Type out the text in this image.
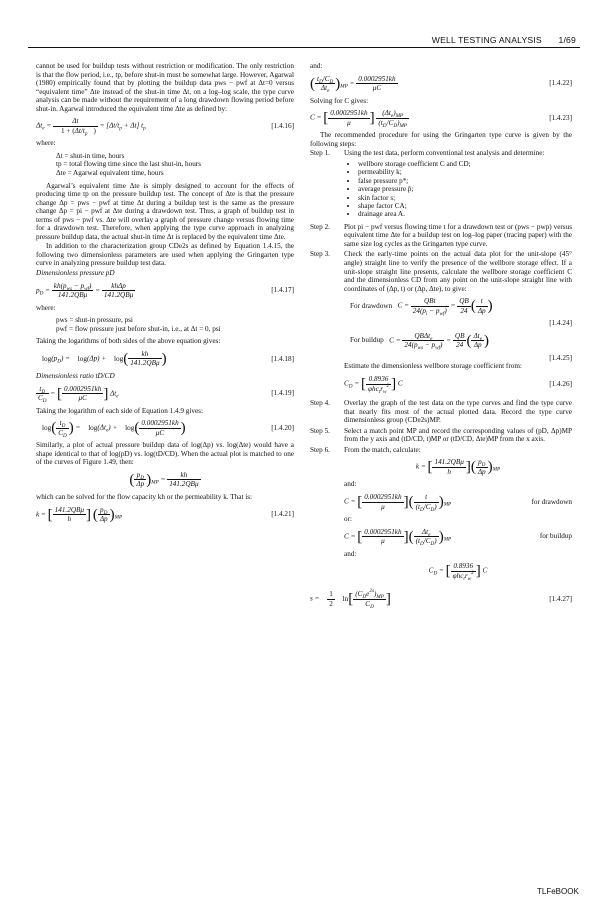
WELL TESTING ANALYSIS 1/69

cannot be used for buildup tests without restriction or modification. The only restriction is that the flow period, i.e., tp, before shut-in must be somewhat large. However, Agarwal (1980) empirically found that by plotting the buildup data pws − pwf at Δt=0 versus “equivalent time” Δte instead of the shut-in time Δt, on a log–log scale, the type curve analysis can be made without the requirement of a long drawdown flowing period before shut-in. Agarwal introduced the equivalent time Δte as defined by:

$\Delta t_e = \frac{\Delta t}{1 + (\Delta t/t_p )} = [\Delta t/t_p + \Delta t]$ $t_p$	[1.4.16]

where:

Δt = shut-in time, hours
tp = total flowing time since the last shut-in, hours
Δte = Agarwal equivalent time, hours

Agarwal’s equivalent time Δte is simply designed to account for the effects of producing time tp on the pressure buildup test. The concept of Δte is that the pressure change Δp = pws − pwf at time Δt during a buildup test is the same as the pressure change Δp = pi − pwf at Δte during a drawdown test. Thus, a graph of buildup test in terms of pws − pwf vs. Δte will overlay a graph of pressure change versus flowing time for a drawdown test. Therefore, when applying the type curve approach in analyzing pressure buildup data, the actual shut-in time Δt is replaced by the equivalent time Δte.

In addition to the characterization group CDe2s as defined by Equation 1.4.15, the following two dimensionless parameters are used when applying the Gringarten type curve in analyzing pressure buildup test data.

Dimensionless pressure pD

$p_D$ =
$kh(p_{ws} - p_{wf})$
141.2QBμ
=
khΔp
141.2QBμ
[1.4.17]

where:

pws = shut-in pressure, psi
pwf = flow pressure just before shut-in, i.e., at Δt = 0, psi

Taking the logarithms of both sides of the above equation gives:

$\log(p_D) = \log(\Delta p) + \log$(	kh
141.2QBμ )	[1.4.18]

Dimensionless ratio tD/CD

$\frac{t_D}{C_D}$ = [ $\frac{0.0002951kh}{\mu C}$ ] $\Delta t_e$	[1.4.19]

Taking the logarithm of each side of Equation 1.4.9 gives:

$\log( \frac{t_D}{C_D}$ ) = $\log(\Delta t_e) + \log( \frac{0.0002951kh}{\mu C}$ )	[1.4.20]

Similarly, a plot of actual pressure buildup data of log(Δp) vs. log(Δte) would have a shape identical to that of log(pD) vs. log(tD/CD). When the actual plot is matched to one of the curves of Figure 1.49, then:

( $\frac{p_D}{\Delta p} )_{MP}$ =
kh
141.2QBμ

which can be solved for the flow capacity kh or the permeability k. That is:

k = [ 141.2QBμ
h ] ( $\frac{p_D}{\Delta p} )_{MP}$	[1.4.21]

and:

( $t_D/C_D$
$\Delta t_e$ )$_{MP} = \frac{0.0002951kh}{\mu C}$	[1.4.22]

Solving for C gives:

C = [ $\frac{0.0002951kh}{\mu}$ ]	$(\Delta t_e)_{MP}$
$(t_D/C_D)_{MP}$
[1.4.23]

The recommended procedure for using the Gringarten type curve is given by the following steps:

Step 1.	Using the test data, perform conventional test analysis and determine:
• wellbore storage coefficient C and CD;
• permeability k;
• false pressure p*;
• average pressure p̄;
• skin factor s;
• shape factor CA;
• drainage area A.
Step 2.	Plot pi − pwf versus flowing time t for a drawdown test or (pws − pwp) versus equivalent time Δte for a buildup test on log–log paper (tracing paper) with the same size log cycles as the Gringarten type curve.
Step 3.	Check the early-time points on the actual data plot for the unit-slope (45° angle) straight line to verify the presence of the wellbore storage effect. If a unit-slope straight line presents, calculate the wellbore storage coefficient C and the dimensionless CD from any point on the unit-slope straight line with coordinates of (Δp, t) or (Δp, Δte), to give:
For drawdown   C =
QBt
$24(p_i - p_{wf})$
= $\frac{QB}{24}$ ( $\frac{t}{\Delta p}$ )
[1.4.24]
For buildup   C =
QBΔt$_e$
$24(p_{ws} - p_{wf})$
= $\frac{QB}{24}$ ( $\Delta t_e$
Δp )
[1.4.25]
Estimate the dimensionless wellbore storage coefficient from:
$C_D$ = [ 0.8936
$\varphi hc_tr_w^2$ ] C	[1.4.26]
Step 4.	Overlay the graph of the test data on the type curves and find the type curve that nearly fits most of the actual plotted data. Record the type curve dimensionless group (CDe2s)MP.
Step 5.	Select a match point MP and record the corresponding values of (pD, Δp)MP from the y axis and (tD/CD, t)MP or (tD/CD, Δte)MP from the x axis.
Step 6.	From the match, calculate:
k = [ 141.2QBμ
h ]( $\frac{p_D}{\Delta p} )_{MP}$
and:
C = [ $\frac{0.0002951kh}{\mu}$ ]( $\frac{t}{(t_D/C_D)} )_{MP}$	for drawdown
or:
C = [ $\frac{0.0002951kh}{\mu}$ ](	$\Delta t_e$
$(t_D/C_D)$ )$_{MP}$	for buildup
and:
$C_D$ = [ 0.8936
$\varphi hc_tr_w^2$ ] C
$s = \frac{1}{2} \ln$[ $(C_De^{2s})_{MP}$
$C_D$ ]	[1.4.27]
TLFeBOOK
